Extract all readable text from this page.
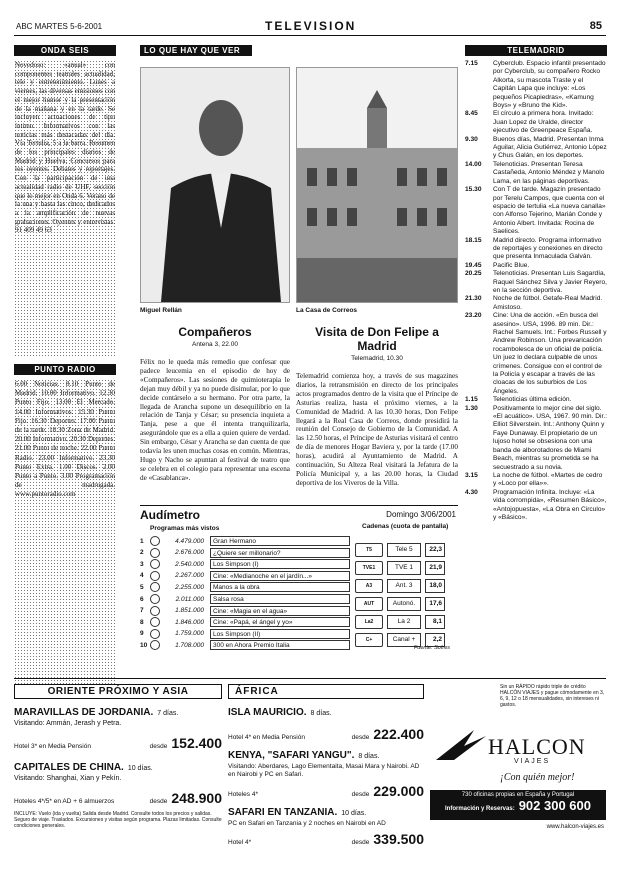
ABC MARTES 5-6-2001	TELEVISION	85
ONDA SEIS
Novedoso: «anual» con componentes teatrales actualidad, tele y entretenimiento. Lunes a viernes, las diversas emisiones con el mejor humor y la presentación de la mañana y en la tarde. Se incluyen actuaciones de tipo íntimo. Informativos con las noticias más destacadas del día. Vía Tertulia, 5 a la barra. Resumen de los principales diarios de Madrid y Huelva. Concursos para los oyentes. Debates y reportajes. Con la participación de una actualidad radio de UHF, sección que lo mejor en Onda 6. Verano de la una y hasta las cinco, dedicados a la amplificación de nuevas grabaciones. Oyentes y entrevistas. 91 409 49 63
PUNTO RADIO
6.00 Noticias. 8.10 Punto de Madrid. 10.00 Informativo. 12.30 Punto Fijo. 13.00 El Mercado. 14.00 Informativos. 15.30 Punto Fijo. 16.30 Deportes. 17.00 Punto de la tarde. 18.30 Zona de Madrid. 20.00 Informativo. 20.30 Deportes. 21.00 Punto de noche. 22.00 Punto Radio. 23.00 Informativo. 23.30 Punto Extra. 1.00 Discos. 2.00 Punto a Punto. 3.00 Programación de madrugada. www.puntoradio.com
LO QUE HAY QUE VER
Miguel Rellán	La Casa de Correos
Compañeros
Antena 3, 22.00
Félix no le queda más remedio que confesar que padece leucemia en el episodio de hoy de «Compañeros». Las sesiones de quimioterapia le dejan muy débil y ya no puede disimular, por lo que decide contárselo a su hermano. Por otra parte, la llegada de Arancha supone un desequilibrio en la relación de Tanja y César; su presencia inquieta a Tanja, pese a que él intenta tranquilizarla, asegurándole que es a ella a quien quiere de verdad. Sin embargo, César y Arancha se dan cuenta de que todavía les unen muchas cosas en común. Mientras, Hugo y Nacho se apuntan al festival de teatro que se celebra en el colegio para representar una escena de «Casablanca».
Visita de Don Felipe a Madrid
Telemadrid, 10.30
Telemadrid comienza hoy, a través de sus magazines diarios, la retransmisión en directo de los principales actos programados dentro de la visita que el Príncipe de Asturias realiza, hasta el próximo viernes, a la Comunidad de Madrid. A las 10.30 horas, Don Felipe llegará a la Real Casa de Correos, donde presidirá la reunión del Consejo de Gobierno de la Comunidad. A las 12.50 horas, el Príncipe de Asturias visitará el centro de día de menores Hogar Baviera y, por la tarde (17.00 horas), acudirá al Ayuntamiento de Madrid. A continuación, Su Alteza Real visitará la Jefatura de la Policía Municipal y, a las 20.00 horas, la Ciudad deportiva de los Viveros de la Villa.
Audímetro	Domingo 3/06/2001
Programas más vistos	Cadenas (cuota de pantalla)
1	4.479.000	Gran Hermano
2	2.676.000	¿Quiere ser millonario?
3	2.540.000	Los Simpson (I)
4	2.267.000	Cine: «Medianoche en el jardín...»
5	2.255.000	Manos a la obra
6	2.011.000	Salsa rosa
7	1.851.000	Cine: «Magia en el agua»
8	1.846.000	Cine: «Papá, el ángel y yo»
9	1.759.000	Los Simpson (II)
10	1.708.000	300 en Ahora Premio Italia
T5	Tele 5	22,3
TVE1	TVE 1	21,9
A3	Ant. 3	18,0
AUT	Autonó.	17,6
La2	La 2	8,1
C+	Canal +	2,2
Fuente: Sofres
TELEMADRID
7.15	Cyberclub. Espacio infantil presentado por Cyberclub, su compañero Rocko Alkorta, su mascota Traste y el Capitán Lapa que incluye: «Los pequeños Picapiedras», «Kamung Boys» y «Bruno the Kid».
8.45	El círculo a primera hora. Invitado: Juan Lopez de Uralde, director ejecutivo de Greenpeace España.
9.30	Buenos días, Madrid. Presentan Inma Aguilar, Alicia Gutiérrez, Antonio López y Chus Galán, en los deportes.
14.00	Telenoticias. Presentan Teresa Castañeda, Antonio Méndez y Manolo Lama, en las páginas deportivas.
15.30	Con T de tarde. Magazín presentado por Terelu Campos, que cuenta con el espacio de tertulia «La nueva canalla» con Alfonso Tejerino, Marián Conde y Antonio Albert. Invitada: Rocina de Saelices.
18.15	Madrid directo. Programa informativo de reportajes y conexiones en directo que presenta Inmaculada Galván.
19.45	Pacific Blue.
20.25	Telenoticias. Presentan Luis Sagardía, Raquel Sánchez Silva y Javier Reyero, en la sección deportiva.
21.30	Noche de fútbol. Getafe-Real Madrid. Amistoso.
23.20	Cine: Una de acción. «En busca del asesino». USA, 1996. 89 min. Dir.: Rachel Samuels. Int.: Forbes Russell y Andrew Robinson. Una prevaricación rocambolesca de un oficial de policía. Un juez lo declara culpable de unos crímenes. Consigue con el control de la Policía y escapar a través de las cloacas de los suburbios de Los Ángeles.
1.15	Telenoticias última edición.
1.30	Positivamente lo mejor cine del siglo. «El acuático». USA, 1967. 90 min. Dir.: Elliot Silverstein. Int.: Anthony Quinn y Faye Dunaway. El propietario de un lujoso hotel se obsesiona con una banda de alborotadores de Miami Beach, mientras su prometida se ha secuestrado a su novia.
3.15	La noche de fútbol. «Martes de cedro y «Loco por ella»».
4.30	Programación Infinita. Incluye: «La vida corrompida», «Resumen Básico», «Antojopuesta», «La Obra en Circulo» y «Básico».
ORIENTE PRÓXIMO Y ASIA
MARAVILLAS DE JORDANIA. 7 días.
Visitando: Ammán, Jerash y Petra.
Hotel 3* en Media Pensión	desde 152.400
CAPITALES DE CHINA. 10 días.
Visitando: Shanghai, Xian y Pekín.
Hoteles 4*/5* en AD + 6 almuerzos	desde 248.900
INCLUYE: Vuelo (ida y vuelta) Salida desde Madrid. Consulte todos los precios y salidas. Seguro de viaje. Traslados. Excursiones y visitas según programa. Plazas limitadas. Consulte condiciones generales.
ÁFRICA
ISLA MAURICIO. 8 días.
Hotel 4* en Media Pensión	desde 222.400
KENYA, "SAFARI YANGU". 8 días.
Visitando: Aberdares, Lago Elementaita, Masai Mara y Nairobi. AD en Nairobi y PC en Safari.
Hoteles 4*	desde 229.000
SAFARI EN TANZANIA. 10 días.
PC en Safari en Tanzania y 2 noches en Nairobi en AD
Hotel 4*	desde 339.500
Sin un RÁPIDO rápido triple de crédito HALCÓN VIAJES y pague cómodamente en 3, 6, 9, 12 o 18 mensualidades, sin intereses ni gastos.
HALCON
VIAJES
¡Con quién mejor!
730 oficinas propias en España y Portugal
Información y Reservas: 902 300 600
www.halcon-viajes.es
